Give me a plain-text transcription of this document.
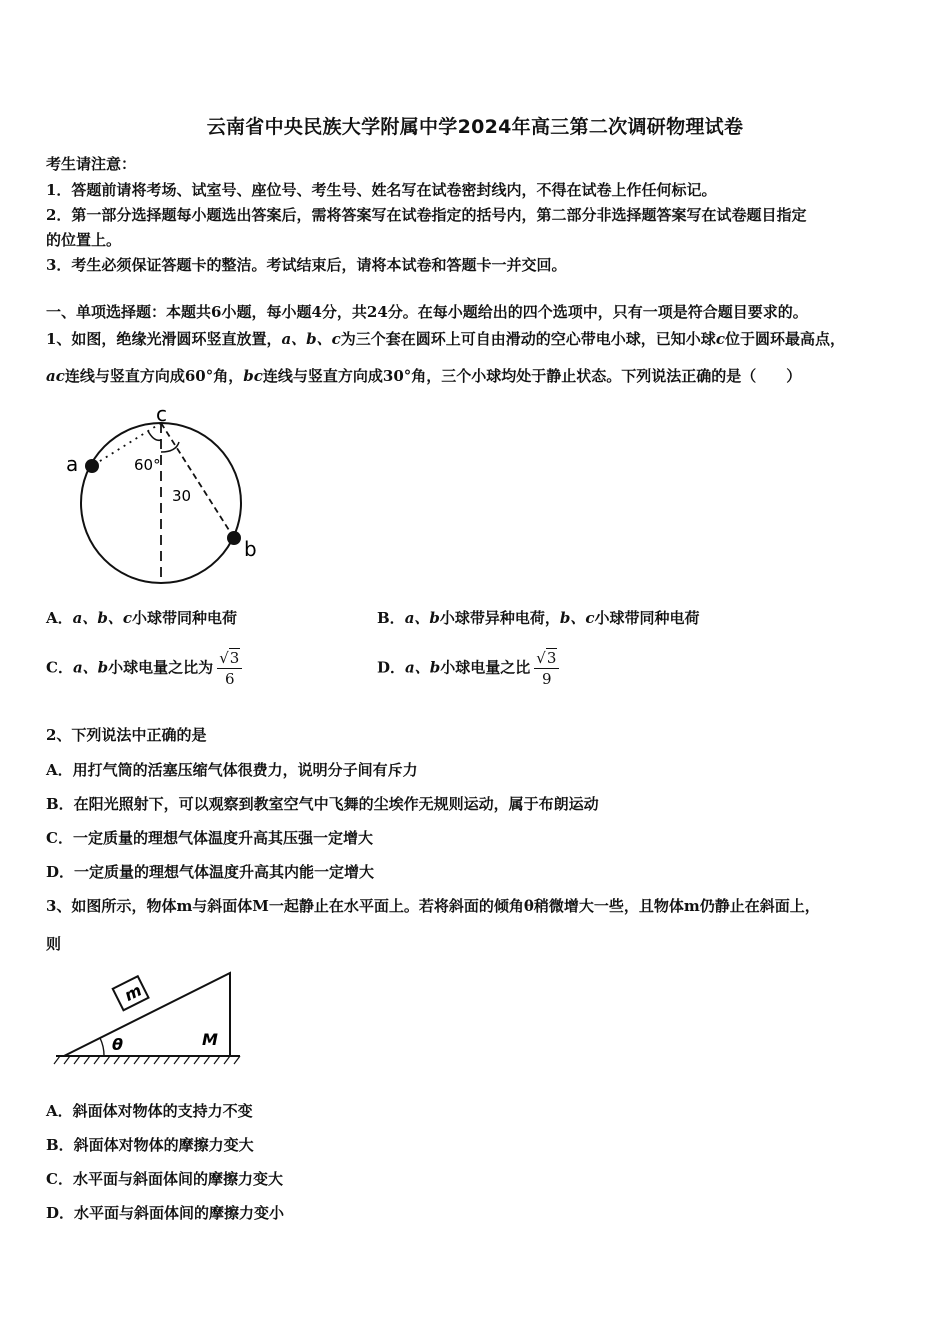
云南省中央民族大学附属中学2024年高三第二次调研物理试卷
考生请注意：
1．答题前请将考场、试室号、座位号、考生号、姓名写在试卷密封线内，不得在试卷上作任何标记。
2．第一部分选择题每小题选出答案后，需将答案写在试卷指定的括号内，第二部分非选择题答案写在试卷题目指定
的位置上。
3．考生必须保证答题卡的整洁。考试结束后，请将本试卷和答题卡一并交回。
一、单项选择题：本题共6小题，每小题4分，共24分。在每小题给出的四个选项中，只有一项是符合题目要求的。
1、如图，绝缘光滑圆环竖直放置，a、b、c为三个套在圆环上可自由滑动的空心带电小球，已知小球c位于圆环最高点，
ac连线与竖直方向成60°角，bc连线与竖直方向成30°角，三个小球均处于静止状态。下列说法正确的是（　　）
c
a
b
60°
30
A．a、b、c小球带同种电荷	B．a、b小球带异种电荷，b、c小球带同种电荷
C．a、b小球电量之比为 $\frac{√3}{6}$	D．a、b小球电量之比 $\frac{√3}{9}$
2、下列说法中正确的是
A．用打气筒的活塞压缩气体很费力，说明分子间有斥力
B．在阳光照射下，可以观察到教室空气中飞舞的尘埃作无规则运动，属于布朗运动
C．一定质量的理想气体温度升高其压强一定增大
D．一定质量的理想气体温度升高其内能一定增大
3、如图所示，物体m与斜面体M一起静止在水平面上。若将斜面的倾角θ稍微增大一些，且物体m仍静止在斜面上，
则
m
θ	M
A．斜面体对物体的支持力不变
B．斜面体对物体的摩擦力变大
C．水平面与斜面体间的摩擦力变大
D．水平面与斜面体间的摩擦力变小
